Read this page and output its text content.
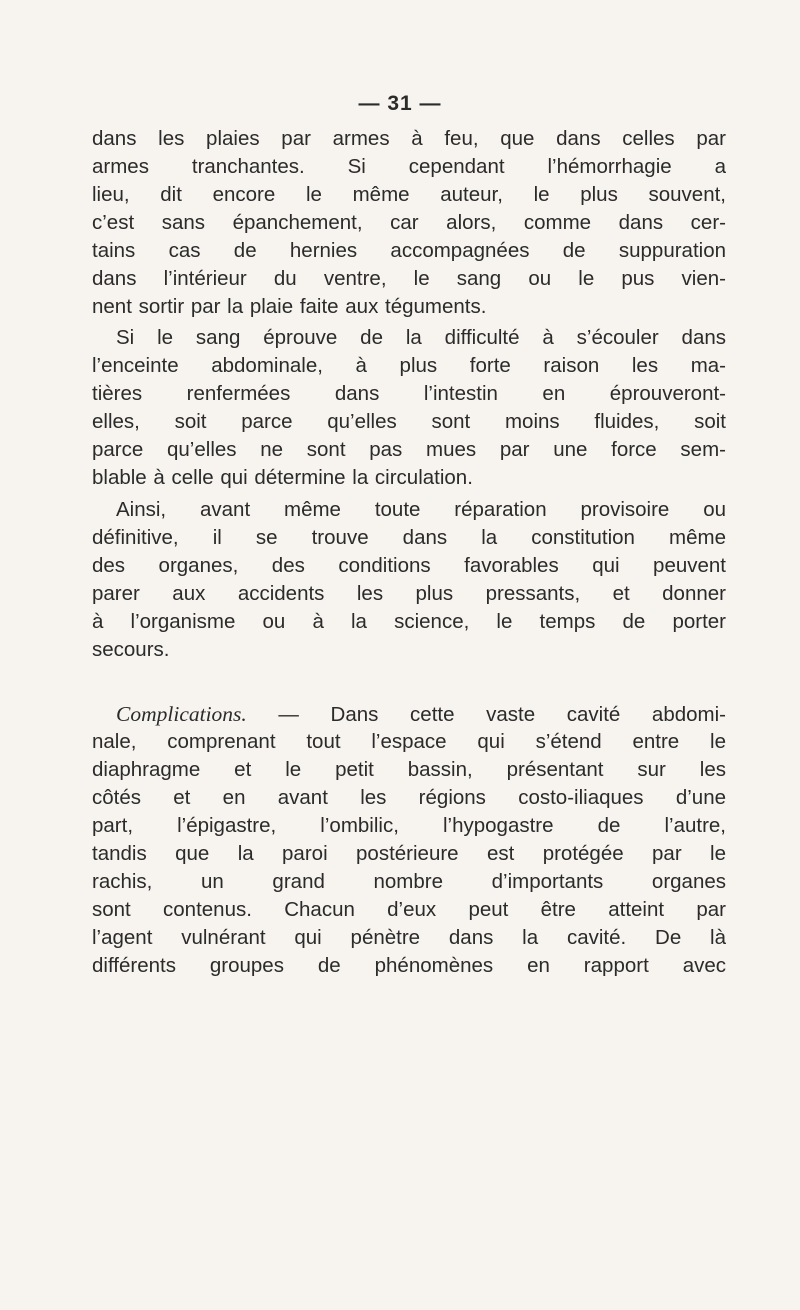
— 31 —
dans les plaies par armes à feu, que dans celles par
armes tranchantes. Si cependant l’hémorrhagie a
lieu, dit encore le même auteur, le plus souvent,
c’est sans épanchement, car alors, comme dans cer-
tains cas de hernies accompagnées de suppuration
dans l’intérieur du ventre, le sang ou le pus vien-
nent sortir par la plaie faite aux téguments.
Si le sang éprouve de la difficulté à s’écouler dans
l’enceinte abdominale, à plus forte raison les ma-
tières renfermées dans l’intestin en éprouveront-
elles, soit parce qu’elles sont moins fluides, soit
parce qu’elles ne sont pas mues par une force sem-
blable à celle qui détermine la circulation.
Ainsi, avant même toute réparation provisoire ou
définitive, il se trouve dans la constitution même
des organes, des conditions favorables qui peuvent
parer aux accidents les plus pressants, et donner
à l’organisme ou à la science, le temps de porter
secours.
Complications. — Dans cette vaste cavité abdomi-
nale, comprenant tout l’espace qui s’étend entre le
diaphragme et le petit bassin, présentant sur les
côtés et en avant les régions costo-iliaques d’une
part, l’épigastre, l’ombilic, l’hypogastre de l’autre,
tandis que la paroi postérieure est protégée par le
rachis, un grand nombre d’importants organes
sont contenus. Chacun d’eux peut être atteint par
l’agent vulnérant qui pénètre dans la cavité. De là
différents groupes de phénomènes en rapport avec
